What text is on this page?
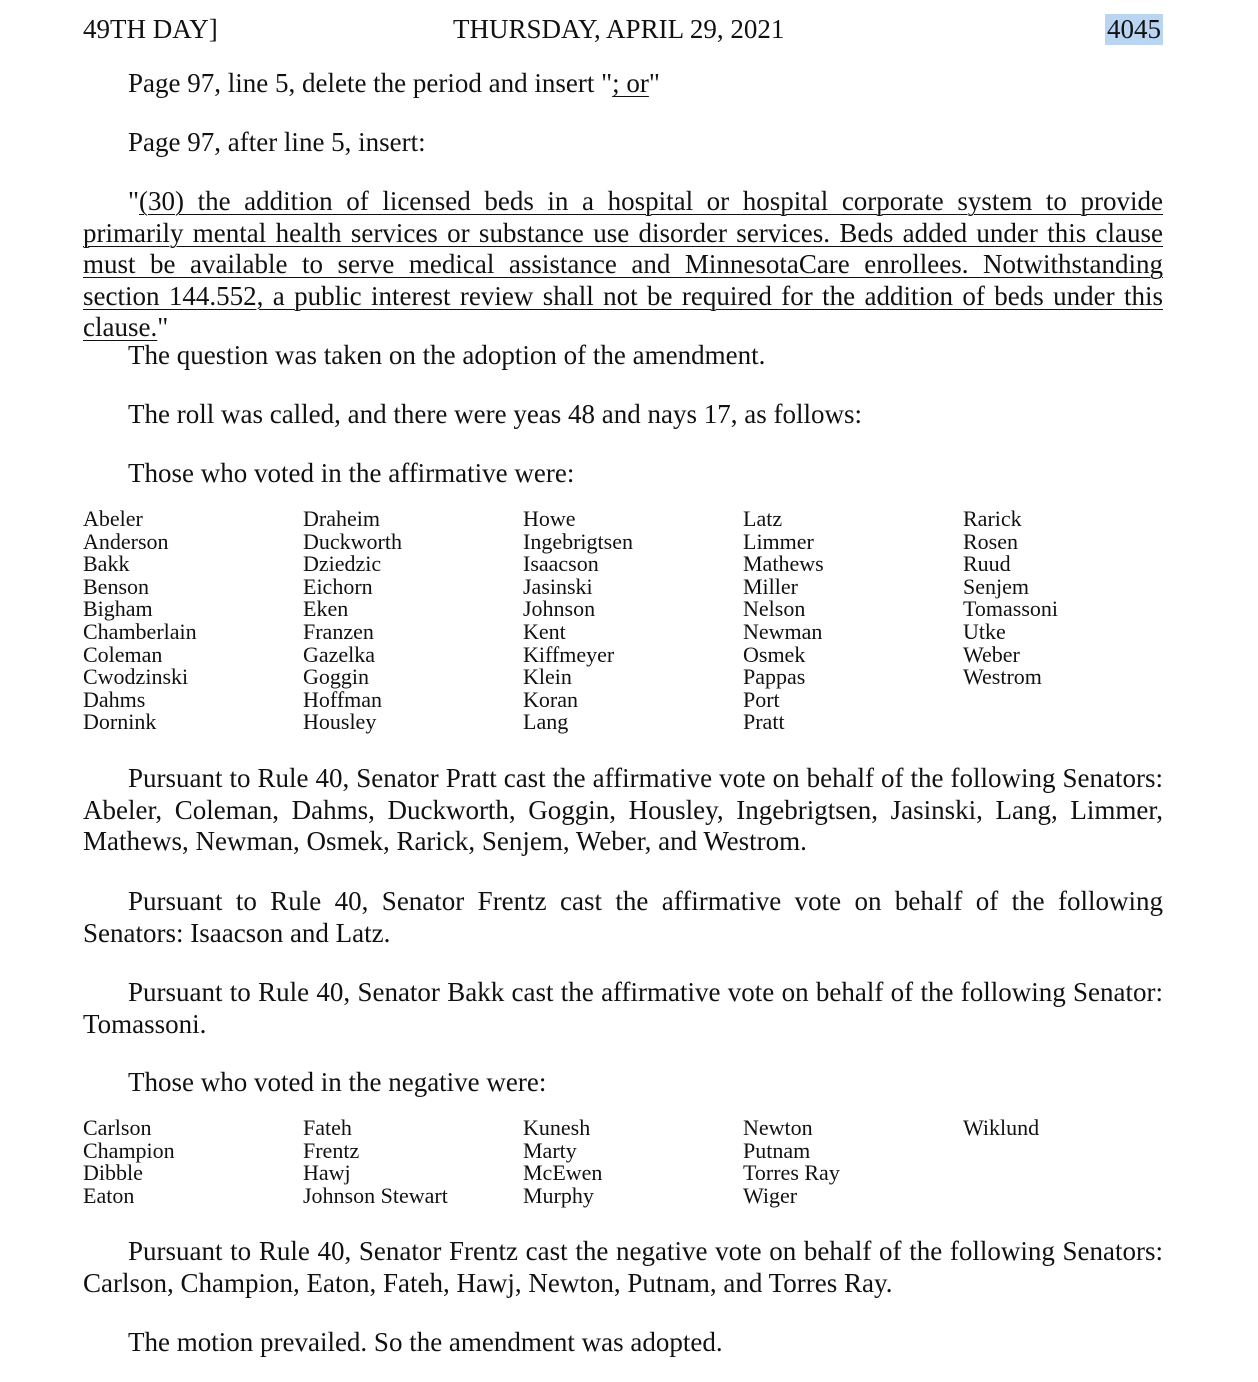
49TH DAY]	THURSDAY, APRIL 29, 2021	4045

Page 97, line 5, delete the period and insert "; or"

Page 97, after line 5, insert:

"(30) the addition of licensed beds in a hospital or hospital corporate system to provide primarily mental health services or substance use disorder services. Beds added under this clause must be available to serve medical assistance and MinnesotaCare enrollees. Notwithstanding section 144.552, a public interest review shall not be required for the addition of beds under this clause."

The question was taken on the adoption of the amendment.

The roll was called, and there were yeas 48 and nays 17, as follows:

Those who voted in the affirmative were:

Abeler
Anderson
Bakk
Benson
Bigham
Chamberlain
Coleman
Cwodzinski
Dahms
Dornink
Draheim
Duckworth
Dziedzic
Eichorn
Eken
Franzen
Gazelka
Goggin
Hoffman
Housley
Howe
Ingebrigtsen
Isaacson
Jasinski
Johnson
Kent
Kiffmeyer
Klein
Koran
Lang
Latz
Limmer
Mathews
Miller
Nelson
Newman
Osmek
Pappas
Port
Pratt
Rarick
Rosen
Ruud
Senjem
Tomassoni
Utke
Weber
Westrom

Pursuant to Rule 40, Senator Pratt cast the affirmative vote on behalf of the following Senators: Abeler, Coleman, Dahms, Duckworth, Goggin, Housley, Ingebrigtsen, Jasinski, Lang, Limmer, Mathews, Newman, Osmek, Rarick, Senjem, Weber, and Westrom.

Pursuant to Rule 40, Senator Frentz cast the affirmative vote on behalf of the following Senators: Isaacson and Latz.

Pursuant to Rule 40, Senator Bakk cast the affirmative vote on behalf of the following Senator: Tomassoni.

Those who voted in the negative were:

Carlson
Champion
Dibble
Eaton
Fateh
Frentz
Hawj
Johnson Stewart
Kunesh
Marty
McEwen
Murphy
Newton
Putnam
Torres Ray
Wiger
Wiklund

Pursuant to Rule 40, Senator Frentz cast the negative vote on behalf of the following Senators: Carlson, Champion, Eaton, Fateh, Hawj, Newton, Putnam, and Torres Ray.

The motion prevailed. So the amendment was adopted.
